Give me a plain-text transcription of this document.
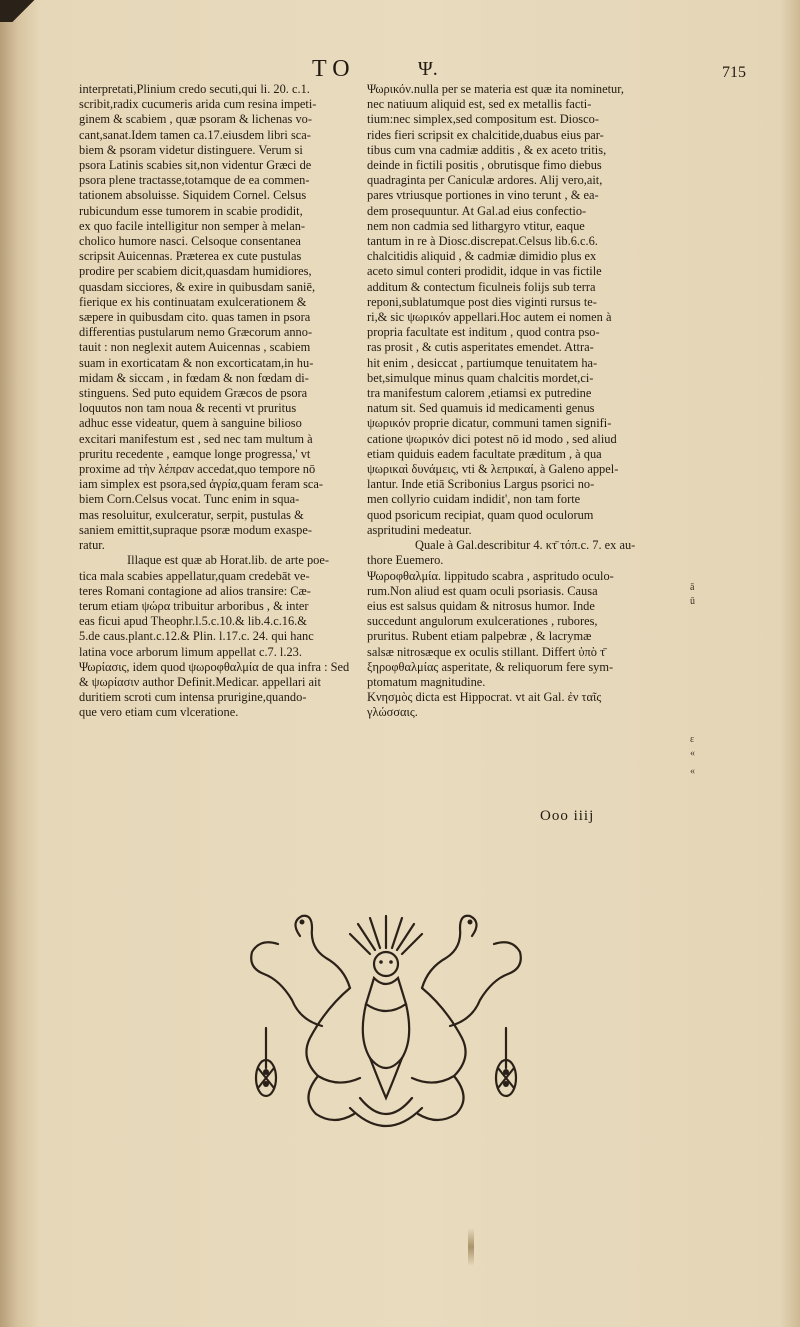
TO	Ψ.	715
interpretati,Plinium credo secuti,qui li. 20. c.1.
scribit,radix cucumeris arida cum resina impeti-
ginem & scabiem , quæ psoram & lichenas vo-
cant,sanat.Idem tamen ca.17.eiusdem libri sca-
biem & psoram videtur distinguere. Verum si
psora Latinis scabies sit,non videntur Græci de
psora plene tractasse,totamque de ea commen-
tationem absoluisse. Siquidem Cornel. Celsus
rubicundum esse tumorem in scabie prodidit,
ex quo facile intelligitur non semper à melan-
cholico humore nasci. Celsoque consentanea
scripsit Auicennas. Præterea ex cute pustulas
prodire per scabiem dicit,quasdam humidiores,
quasdam sicciores, & exire in quibusdam saniē,
fierique ex his continuatam exulcerationem &
sæpere in quibusdam cito. quas tamen in psora
differentias pustularum nemo Græcorum anno-
tauit : non neglexit autem Auicennas , scabiem
suam in exorticatam & non excorticatam,in hu-
midam & siccam , in fœdam & non fœdam di-
stinguens. Sed puto equidem Græcos de psora
loquutos non tam noua & recenti vt pruritus
adhuc esse videatur, quem à sanguine bilioso
excitari manifestum est , sed nec tam multum à
pruritu recedente , eamque longe progressa,' vt
proxime ad τὴν λέπραν accedat,quo tempore nō
iam simplex est psora,sed ἀγρία,quam feram sca-
biem Corn.Celsus vocat. Tunc enim in squa-
mas resoluitur, exulceratur, serpit, pustulas &
saniem emittit,supraque psoræ modum exaspe-
ratur.
” Illaque est quæ ab Horat.lib. de arte poe-
” tica mala scabies appellatur,quam credebāt ve-
” teres Romani contagione ad alios transire: Cæ-
” terum etiam ψώρα tribuitur arboribus , & inter
” eas ficui apud Theophr.l.5.c.10.& lib.4.c.16.&
” 5.de caus.plant.c.12.& Plin. l.17.c. 24. qui hanc
” latina voce arborum limum appellat c.7. l.23.
Ψωρίασις, idem quod ψωροφθαλμία de qua infra : Sed
” & ψωρίασιν author Definit.Medicar. appellari ait
” duritiem scroti cum intensa prurigine,quando-
” que vero etiam cum vlceratione.
Ψωρικόν.nulla per se materia est quæ ita nominetur,
nec natiuum aliquid est, sed ex metallis facti-
tium:nec simplex,sed compositum est. Diosco-
rides fieri scripsit ex chalcitide,duabus eius par-
tibus cum vna cadmiæ additis , & ex aceto tritis,
deinde in fictili positis , obrutisque fimo diebus
quadraginta per Caniculæ ardores. Alij vero,ait,
pares vtriusque portiones in vino terunt , & ea-
dem prosequuntur. At Gal.ad eius confectio-
nem non cadmia sed lithargyro vtitur, eaque
tantum in re à Diosc.discrepat.Celsus lib.6.c.6.
chalcitidis aliquid , & cadmiæ dimidio plus ex
aceto simul conteri prodidit, idque in vas fictile
additum & contectum ficulneis folijs sub terra
reponi,sublatumque post dies viginti rursus te-
ri,& sic ψωρικόν appellari.Hoc autem ei nomen à
propria facultate est inditum , quod contra pso-
ras prosit , & cutis asperitates emendet. Attra-
hit enim , desiccat , partiumque tenuitatem ha-
bet,simulque minus quam chalcitis mordet,ci-
tra manifestum calorem ,etiamsi ex putredine
natum sit. Sed quamuis id medicamenti genus
ψωρικόν proprie dicatur, communi tamen signifi-
catione ψωρικόν dici potest nō id modo , sed aliud
etiam quiduis eadem facultate præditum , à qua
ψωρικαὶ δυνάμεις, vti & λεπρικαί, à Galeno appel-
lantur. Inde etiā Scribonius Largus psorici no-
men collyrio cuidam indidit', non tam forte
quod psoricum recipiat, quam quod oculorum
aspritudini medeatur.
Quale à Gal.describitur 4. κτ̄ τόπ.c. 7. ex au-
thore Euemero.
Ψωροφθαλμία. lippitudo scabra , aspritudo oculo-
rum.Non aliud est quam oculi psoriasis. Causa
eius est salsus quidam & nitrosus humor. Inde
succedunt angulorum exulcerationes , rubores,
pruritus. Rubent etiam palpebræ , & lacrymæ
salsæ nitrosæque ex oculis stillant. Differt ὑπὸ τ̄
ξηροφθαλμίας asperitate, & reliquorum fere sym-
ptomatum magnitudine.
Κνησμὸς dicta est Hippocrat. vt ait Gal. ἐν ταῖς
γλώσσαις.
ā
ū
«
«
ε
Ooo iiij
